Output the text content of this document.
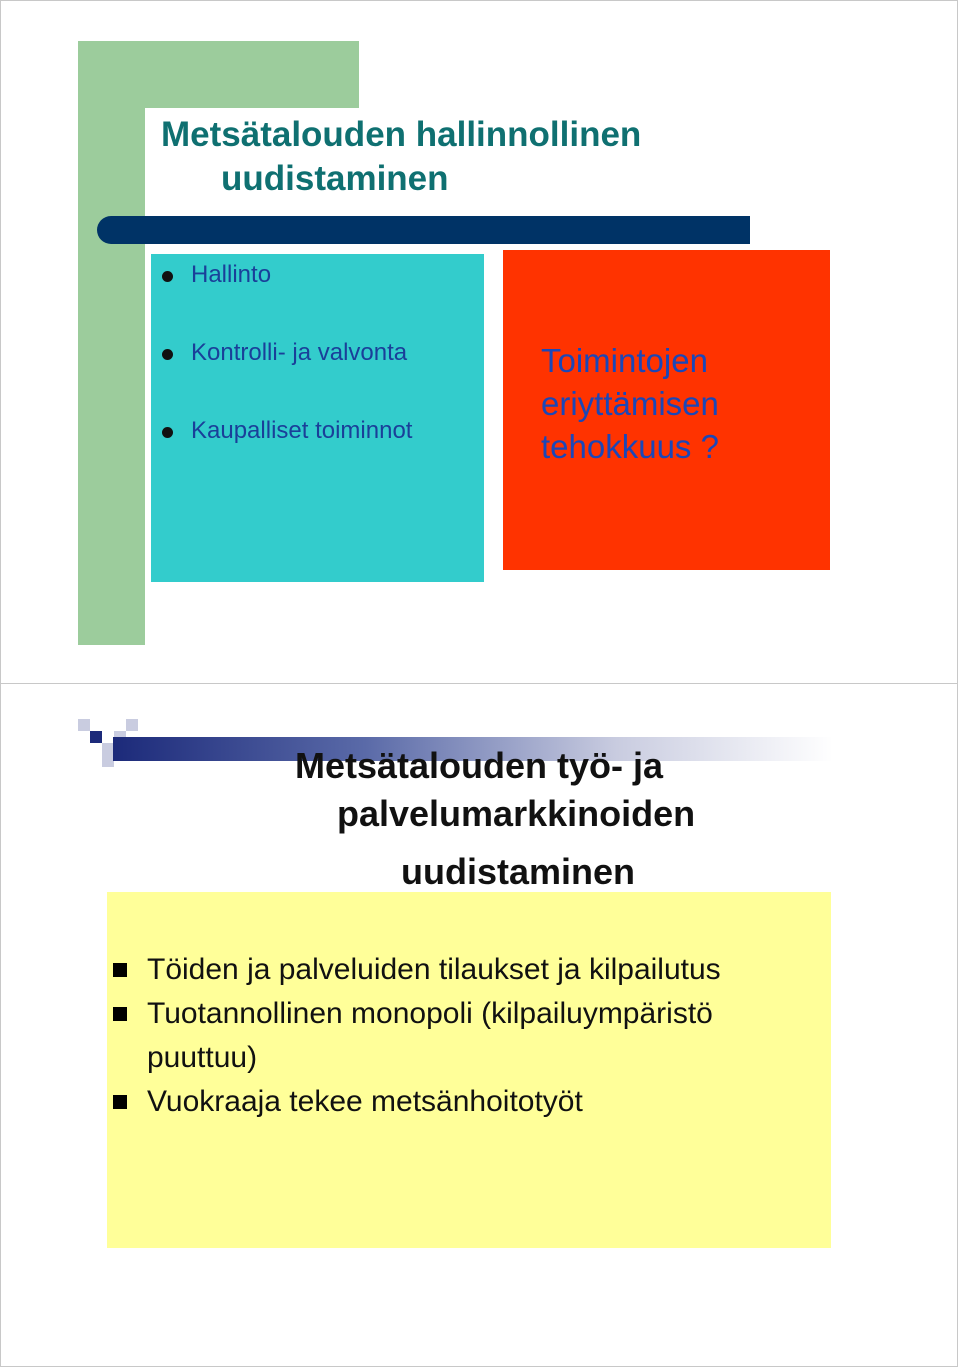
Metsätalouden hallinnollinen
uudistaminen
Hallinto
Kontrolli- ja valvonta
Kaupalliset toiminnot
Toimintojen
eriyttämisen
tehokkuus ?
Metsätalouden työ- ja
palvelumarkkinoiden
uudistaminen
Töiden ja palveluiden tilaukset ja kilpailutus
Tuotannollinen monopoli (kilpailuympäristö puuttuu)
Vuokraaja tekee metsänhoitotyöt
